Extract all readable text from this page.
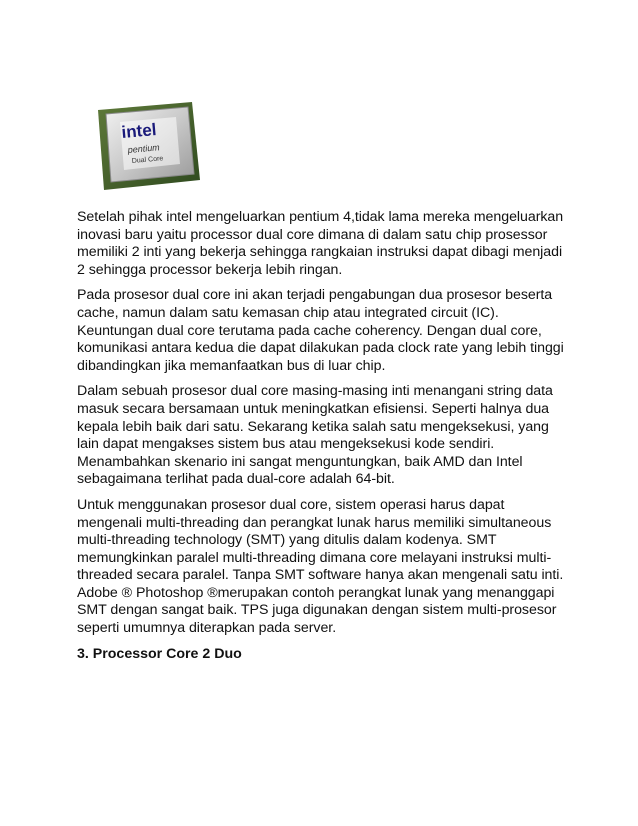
intel
pentium
Dual Core

Setelah pihak intel mengeluarkan pentium 4,tidak lama mereka mengeluarkan inovasi baru yaitu processor dual core dimana di dalam satu chip prosessor memiliki 2 inti yang bekerja sehingga rangkaian instruksi dapat dibagi menjadi 2 sehingga processor bekerja lebih ringan.

Pada prosesor dual core ini akan terjadi pengabungan dua prosesor beserta cache, namun dalam satu kemasan chip atau integrated circuit (IC). Keuntungan dual core terutama pada cache coherency. Dengan dual core, komunikasi antara kedua die dapat dilakukan pada clock rate yang lebih tinggi dibandingkan jika memanfaatkan bus di luar chip.

Dalam sebuah prosesor dual core masing-masing inti menangani string data masuk secara bersamaan untuk meningkatkan efisiensi. Seperti halnya dua kepala lebih baik dari satu. Sekarang ketika salah satu mengeksekusi, yang lain dapat mengakses sistem bus atau mengeksekusi kode sendiri. Menambahkan skenario ini sangat menguntungkan, baik AMD dan Intel sebagaimana terlihat pada dual-core adalah 64-bit.

Untuk menggunakan prosesor dual core, sistem operasi harus dapat mengenali multi-threading dan perangkat lunak harus memiliki simultaneous multi-threading technology (SMT) yang ditulis dalam kodenya. SMT memungkinkan paralel multi-threading dimana core melayani instruksi multi-threaded secara paralel. Tanpa SMT software hanya akan mengenali satu inti. Adobe ® Photoshop ®merupakan contoh perangkat lunak yang menanggapi SMT dengan sangat baik. TPS juga digunakan dengan sistem multi-prosesor seperti umumnya diterapkan pada server.

3. Processor Core 2 Duo
